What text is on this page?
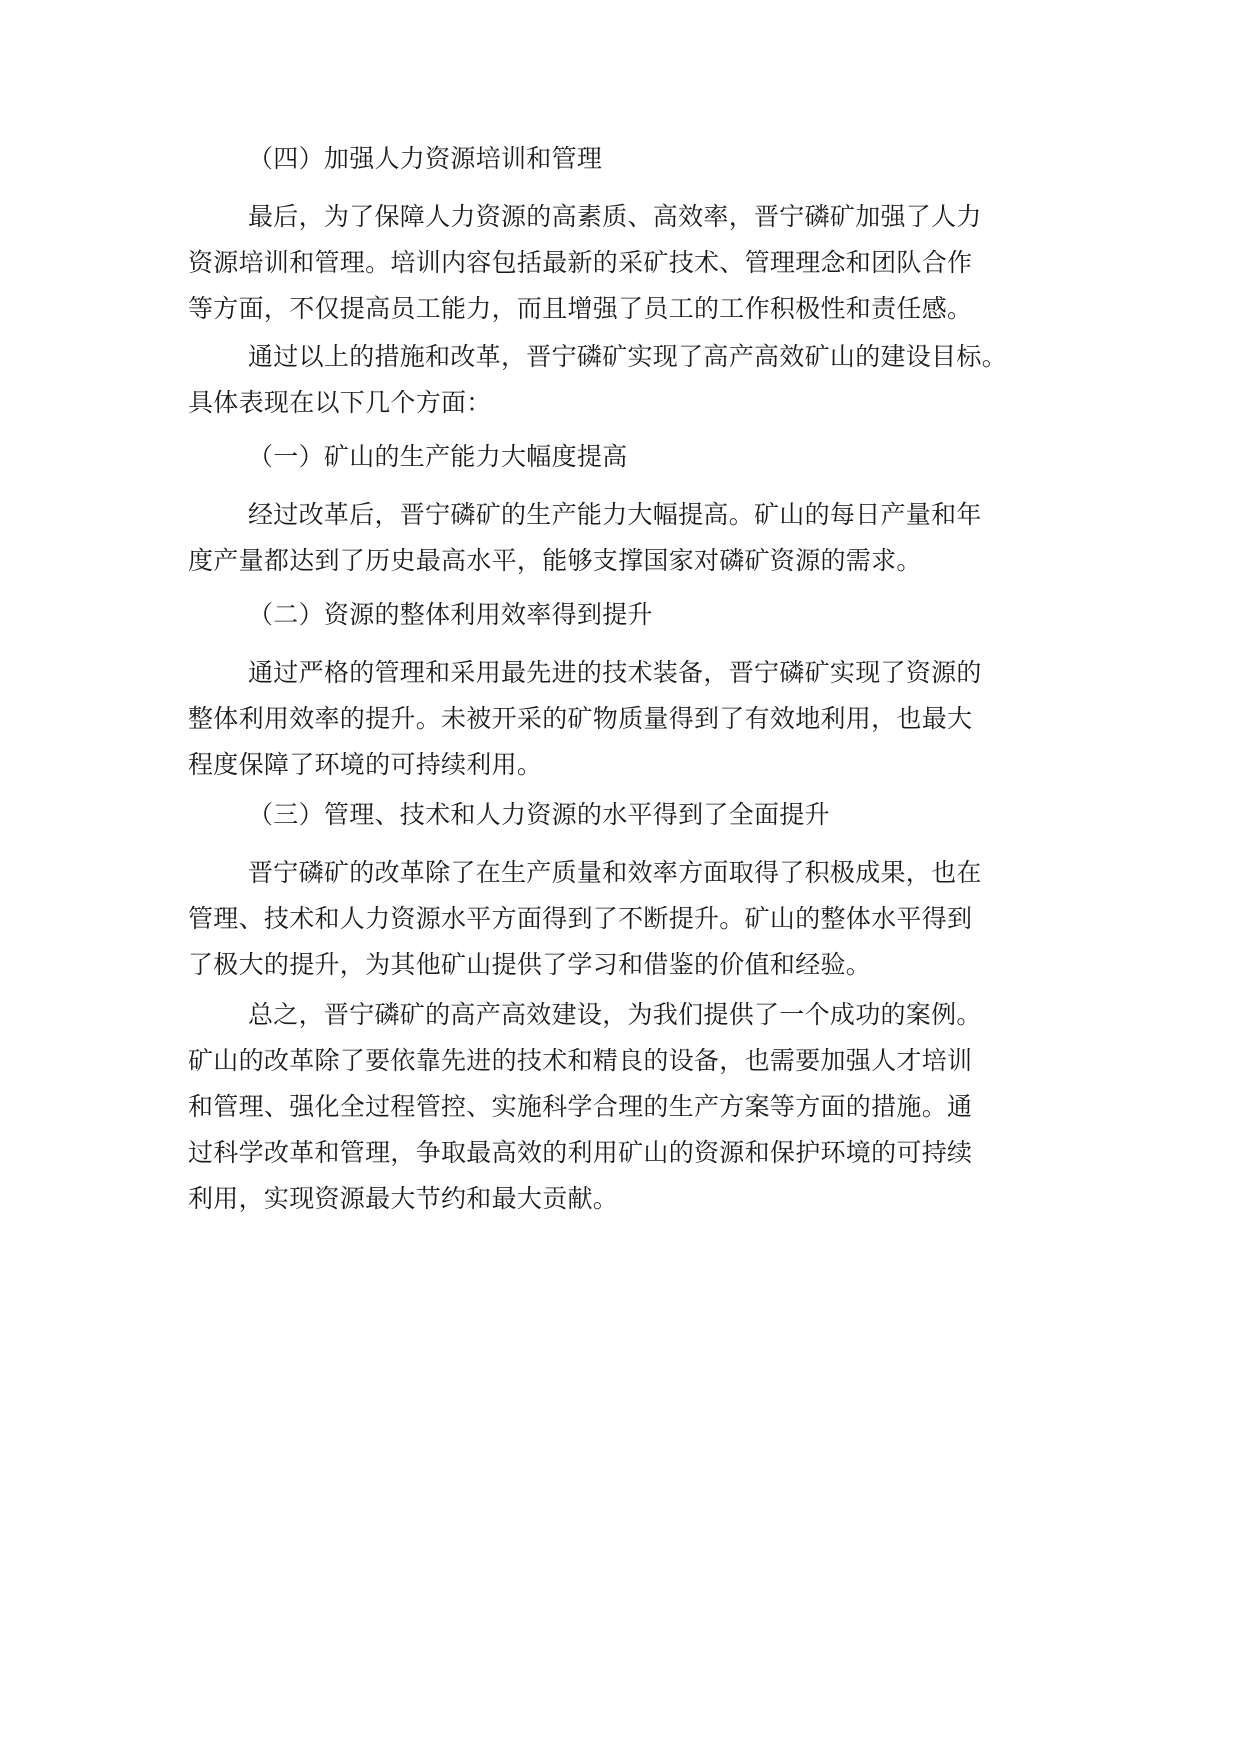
（四）加强人力资源培训和管理
最后，为了保障人力资源的高素质、高效率，晋宁磷矿加强了人力
资源培训和管理。培训内容包括最新的采矿技术、管理理念和团队合作
等方面，不仅提高员工能力，而且增强了员工的工作积极性和责任感。
通过以上的措施和改革，晋宁磷矿实现了高产高效矿山的建设目标。
具体表现在以下几个方面：
（一）矿山的生产能力大幅度提高
经过改革后，晋宁磷矿的生产能力大幅提高。矿山的每日产量和年
度产量都达到了历史最高水平，能够支撑国家对磷矿资源的需求。
（二）资源的整体利用效率得到提升
通过严格的管理和采用最先进的技术装备，晋宁磷矿实现了资源的
整体利用效率的提升。未被开采的矿物质量得到了有效地利用，也最大
程度保障了环境的可持续利用。
（三）管理、技术和人力资源的水平得到了全面提升
晋宁磷矿的改革除了在生产质量和效率方面取得了积极成果，也在
管理、技术和人力资源水平方面得到了不断提升。矿山的整体水平得到
了极大的提升，为其他矿山提供了学习和借鉴的价值和经验。
总之，晋宁磷矿的高产高效建设，为我们提供了一个成功的案例。
矿山的改革除了要依靠先进的技术和精良的设备，也需要加强人才培训
和管理、强化全过程管控、实施科学合理的生产方案等方面的措施。通
过科学改革和管理，争取最高效的利用矿山的资源和保护环境的可持续
利用，实现资源最大节约和最大贡献。
